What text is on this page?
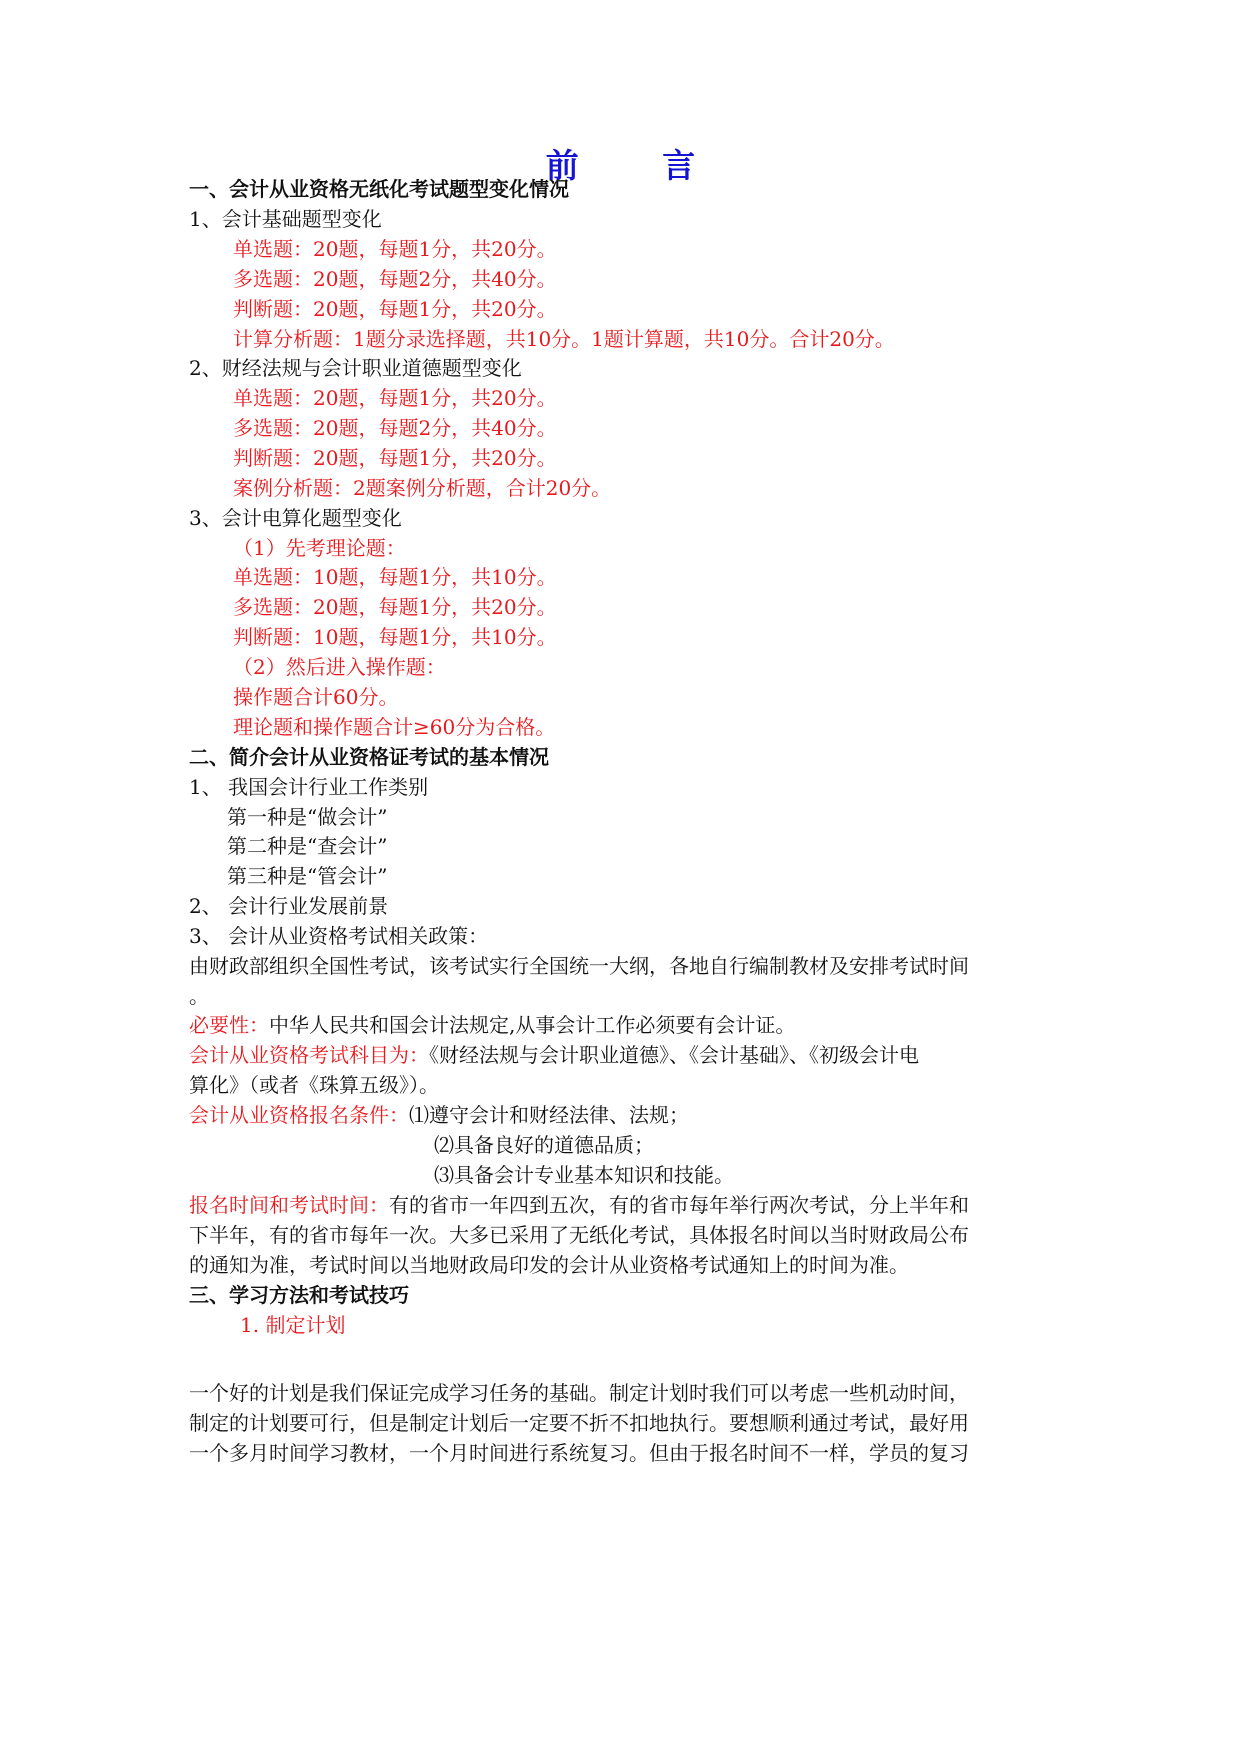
前 言
一、会计从业资格无纸化考试题型变化情况
1、会计基础题型变化
单选题：20题，每题1分，共20分。
多选题：20题，每题2分，共40分。
判断题：20题，每题1分，共20分。
计算分析题：1题分录选择题，共10分。1题计算题，共10分。合计20分。
2、财经法规与会计职业道德题型变化
单选题：20题，每题1分，共20分。
多选题：20题，每题2分，共40分。
判断题：20题，每题1分，共20分。
案例分析题：2题案例分析题，合计20分。
3、会计电算化题型变化
（1）先考理论题：
单选题：10题，每题1分，共10分。
多选题：20题，每题1分，共20分。
判断题：10题，每题1分，共10分。
（2）然后进入操作题：
操作题合计60分。
理论题和操作题合计≥60分为合格。
二、简介会计从业资格证考试的基本情况
1、 我国会计行业工作类别
第一种是“做会计”
第二种是“查会计”
第三种是“管会计”
2、 会计行业发展前景
3、 会计从业资格考试相关政策：
由财政部组织全国性考试，该考试实行全国统一大纲，各地自行编制教材及安排考试时间
。
必要性：中华人民共和国会计法规定,从事会计工作必须要有会计证。
会计从业资格考试科目为：《财经法规与会计职业道德》、《会计基础》、《初级会计电
算化》（或者《珠算五级》）。
会计从业资格报名条件：⑴遵守会计和财经法律、法规；
⑵具备良好的道德品质；
⑶具备会计专业基本知识和技能。
报名时间和考试时间：有的省市一年四到五次，有的省市每年举行两次考试，分上半年和
下半年，有的省市每年一次。大多已采用了无纸化考试，具体报名时间以当时财政局公布
的通知为准，考试时间以当地财政局印发的会计从业资格考试通知上的时间为准。
三、学习方法和考试技巧
1. 制定计划
一个好的计划是我们保证完成学习任务的基础。制定计划时我们可以考虑一些机动时间，
制定的计划要可行，但是制定计划后一定要不折不扣地执行。要想顺利通过考试，最好用
一个多月时间学习教材，一个月时间进行系统复习。但由于报名时间不一样，学员的复习
